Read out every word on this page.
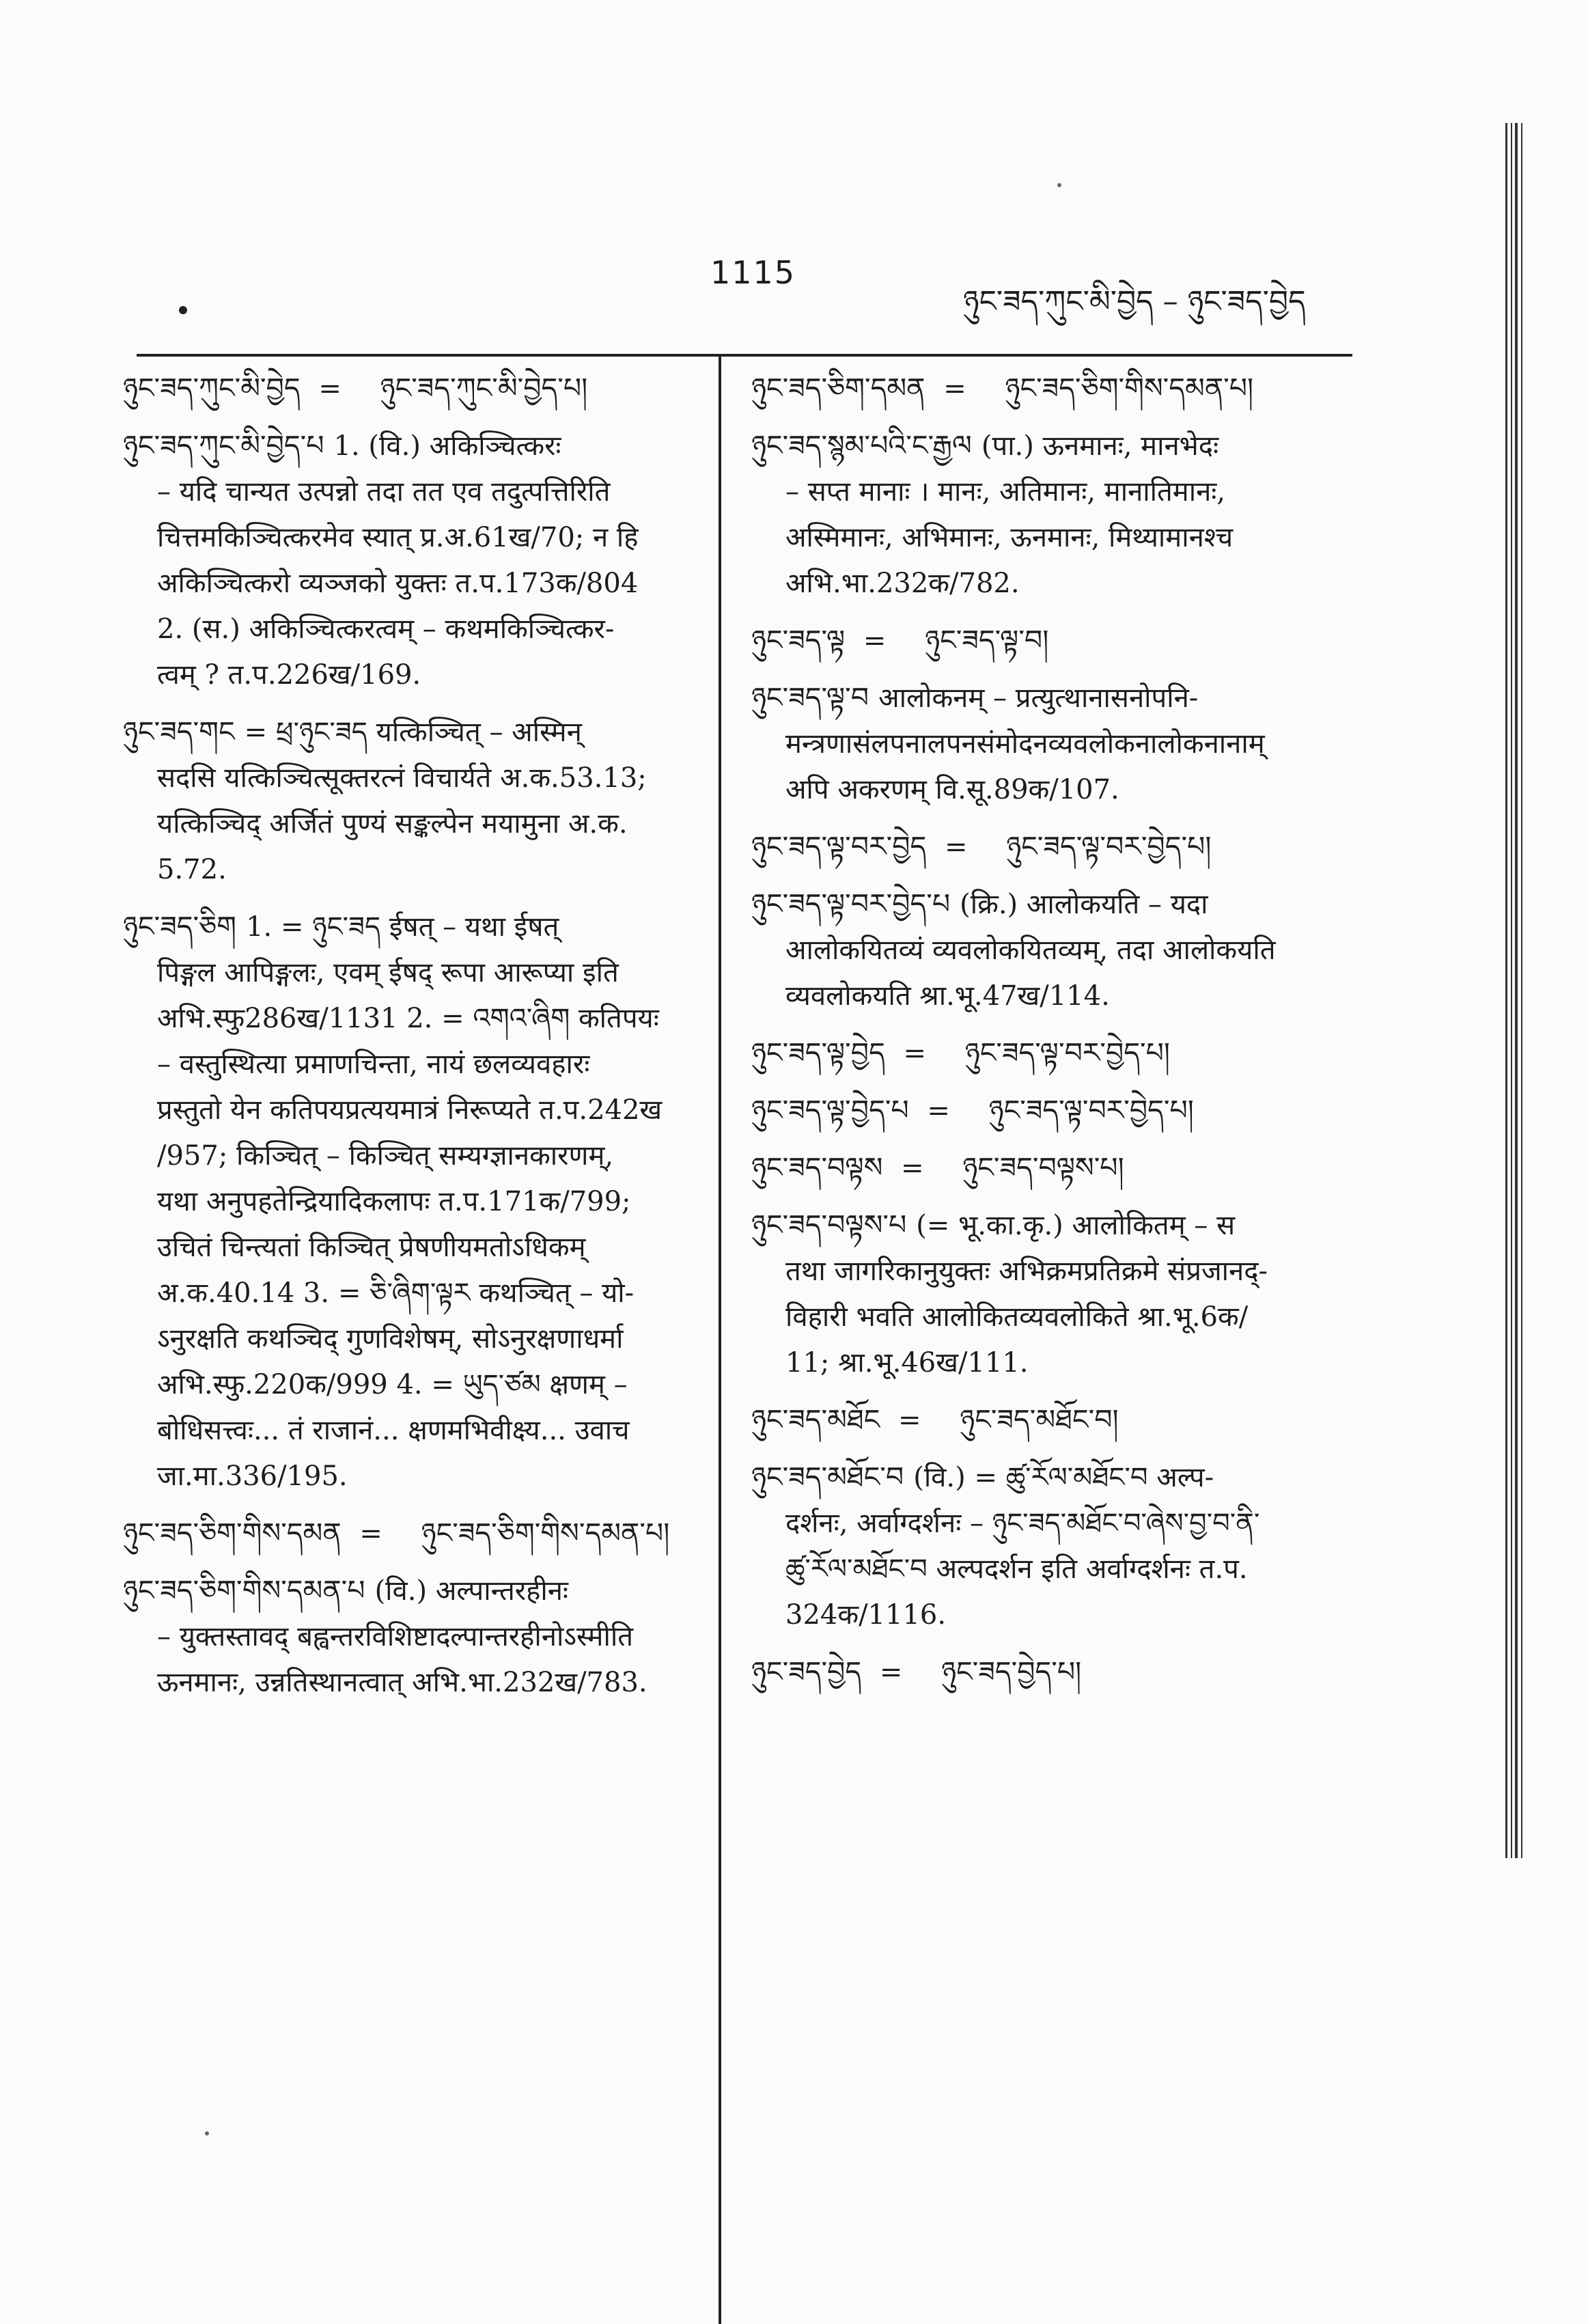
1115
ཉུང་ཟད་ཀུང་མི་བྱེད – ཉུང་ཟད་བྱེད
ཉུང་ཟད་ཀུང་མི་བྱེད = ཉུང་ཟད་ཀུང་མི་བྱེད་པ།
ཉུང་ཟད་ཀུང་མི་བྱེད་པ 1. (वि.) अकिञ्चित्करः
– यदि चान्यत उत्पन्नो तदा तत एव तदुत्पत्तिरिति
चित्तमकिञ्चित्करमेव स्यात् प्र.अ.61ख/70; न हि
अकिञ्चित्करो व्यञ्जको युक्तः त.प.173क/804
2. (स.) अकिञ्चित्करत्वम् – कथमकिञ्चित्कर-
त्वम् ? त.प.226ख/169.
ཉུང་ཟད་གང = ཕྲ་ཉུང་ཟད यत्किञ्चित् – अस्मिन्
सदसि यत्किञ्चित्सूक्तरत्नं विचार्यते अ.क.53.13;
यत्किञ्चिद् अर्जितं पुण्यं सङ्कल्पेन मयामुना अ.क.
5.72.
ཉུང་ཟད་ཅིག 1. = ཉུང་ཟད ईषत् – यथा ईषत्
पिङ्गल आपिङ्गलः, एवम् ईषद् रूपा आरूप्या इति
अभि.स्फु286ख/1131 2. = འགའ་ཞིག कतिपयः
– वस्तुस्थित्या प्रमाणचिन्ता, नायं छलव्यवहारः
प्रस्तुतो येन कतिपयप्रत्ययमात्रं निरूप्यते त.प.242ख
/957; किञ्चित् – किञ्चित् सम्यग्ज्ञानकारणम्,
यथा अनुपहतेन्द्रियादिकलापः त.प.171क/799;
उचितं चिन्त्यतां किञ्चित् प्रेषणीयमतोऽधिकम्
अ.क.40.14 3. = ཅི་ཞིག་ལྟར कथञ्चित् – यो-
ऽनुरक्षति कथञ्चिद् गुणविशेषम्, सोऽनुरक्षणाधर्मा
अभि.स्फु.220क/999 4. = ཡུད་ཙམ क्षणम् –
बोधिसत्त्वः... तं राजानं... क्षणमभिवीक्ष्य... उवाच
जा.मा.336/195.
ཉུང་ཟད་ཅིག་གིས་དམན = ཉུང་ཟད་ཅིག་གིས་དམན་པ།
ཉུང་ཟད་ཅིག་གིས་དམན་པ (वि.) अल्पान्तरहीनः
– युक्तस्तावद् बह्वन्तरविशिष्टादल्पान्तरहीनोऽस्मीति
ऊनमानः, उन्नतिस्थानत्वात् अभि.भा.232ख/783.
ཉུང་ཟད་ཅིག་དམན = ཉུང་ཟད་ཅིག་གིས་དམན་པ།
ཉུང་ཟད་སྙམ་པའི་ང་རྒྱལ (पा.) ऊनमानः, मानभेदः
– सप्त मानाः । मानः, अतिमानः, मानातिमानः,
अस्मिमानः, अभिमानः, ऊनमानः, मिथ्यामानश्च
अभि.भा.232क/782.
ཉུང་ཟད་ལྟ = ཉུང་ཟད་ལྟ་བ།
ཉུང་ཟད་ལྟ་བ आलोकनम् – प्रत्युत्थानासनोपनि-
मन्त्रणासंलपनालपनसंमोदनव्यवलोकनालोकनानाम्
अपि अकरणम् वि.सू.89क/107.
ཉུང་ཟད་ལྟ་བར་བྱེད = ཉུང་ཟད་ལྟ་བར་བྱེད་པ།
ཉུང་ཟད་ལྟ་བར་བྱེད་པ (क्रि.) आलोकयति – यदा
आलोकयितव्यं व्यवलोकयितव्यम्, तदा आलोकयति
व्यवलोकयति श्रा.भू.47ख/114.
ཉུང་ཟད་ལྟ་བྱེད = ཉུང་ཟད་ལྟ་བར་བྱེད་པ།
ཉུང་ཟད་ལྟ་བྱེད་པ = ཉུང་ཟད་ལྟ་བར་བྱེད་པ།
ཉུང་ཟད་བལྟས = ཉུང་ཟད་བལྟས་པ།
ཉུང་ཟད་བལྟས་པ (= भू.का.कृ.) आलोकितम् – स
तथा जागरिकानुयुक्तः अभिक्रमप्रतिक्रमे संप्रजानद्-
विहारी भवति आलोकितव्यवलोकिते श्रा.भू.6क/
11; श्रा.भू.46ख/111.
ཉུང་ཟད་མཐོང = ཉུང་ཟད་མཐོང་བ།
ཉུང་ཟད་མཐོང་བ (वि.) = ཚུ་རོལ་མཐོང་བ अल्प-
दर्शनः, अर्वाग्दर्शनः – ཉུང་ཟད་མཐོང་བ་ཞེས་བྱ་བ་ནི་
ཚུ་རོལ་མཐོང་བ अल्पदर्शन इति अर्वाग्दर्शनः त.प.
324क/1116.
ཉུང་ཟད་བྱེད = ཉུང་ཟད་བྱེད་པ།
